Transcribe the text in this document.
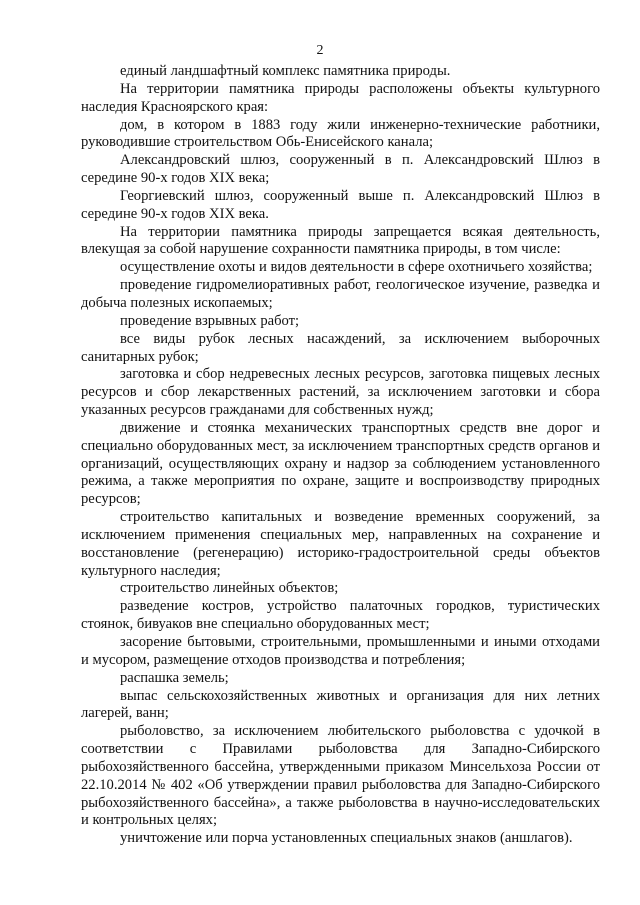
2

единый ландшафтный комплекс памятника природы.

На территории памятника природы расположены объекты культурного наследия Красноярского края:

дом, в котором в 1883 году жили инженерно-технические работники, руководившие строительством Обь-Енисейского канала;

Александровский шлюз, сооруженный в п. Александровский Шлюз в середине 90-х годов XIX века;

Георгиевский шлюз, сооруженный выше п. Александровский Шлюз в середине 90-х годов XIX века.

На территории памятника природы запрещается всякая деятельность, влекущая за собой нарушение сохранности памятника природы, в том числе:

осуществление охоты и видов деятельности в сфере охотничьего хозяйства;

проведение гидромелиоративных работ, геологическое изучение, разведка и добыча полезных ископаемых;

проведение взрывных работ;

все виды рубок лесных насаждений, за исключением выборочных санитарных рубок;

заготовка и сбор недревесных лесных ресурсов, заготовка пищевых лесных ресурсов и сбор лекарственных растений, за исключением заготовки и сбора указанных ресурсов гражданами для собственных нужд;

движение и стоянка механических транспортных средств вне дорог и специально оборудованных мест, за исключением транспортных средств органов и организаций, осуществляющих охрану и надзор за соблюдением установленного режима, а также мероприятия по охране, защите и воспроизводству природных ресурсов;

строительство капитальных и возведение временных сооружений, за исключением применения специальных мер, направленных на сохранение и восстановление (регенерацию) историко-градостроительной среды объектов культурного наследия;

строительство линейных объектов;

разведение костров, устройство палаточных городков, туристических стоянок, бивуаков вне специально оборудованных мест;

засорение бытовыми, строительными, промышленными и иными отходами и мусором, размещение отходов производства и потребления;

распашка земель;

выпас сельскохозяйственных животных и организация для них летних лагерей, ванн;

рыболовство, за исключением любительского рыболовства с удочкой в соответствии с Правилами рыболовства для Западно-Сибирского рыбохозяйственного бассейна, утвержденными приказом Минсельхоза России от 22.10.2014 № 402 «Об утверждении правил рыболовства для Западно-Сибирского рыбохозяйственного бассейна», а также рыболовства в научно-исследовательских и контрольных целях;

уничтожение или порча установленных специальных знаков (аншлагов).
